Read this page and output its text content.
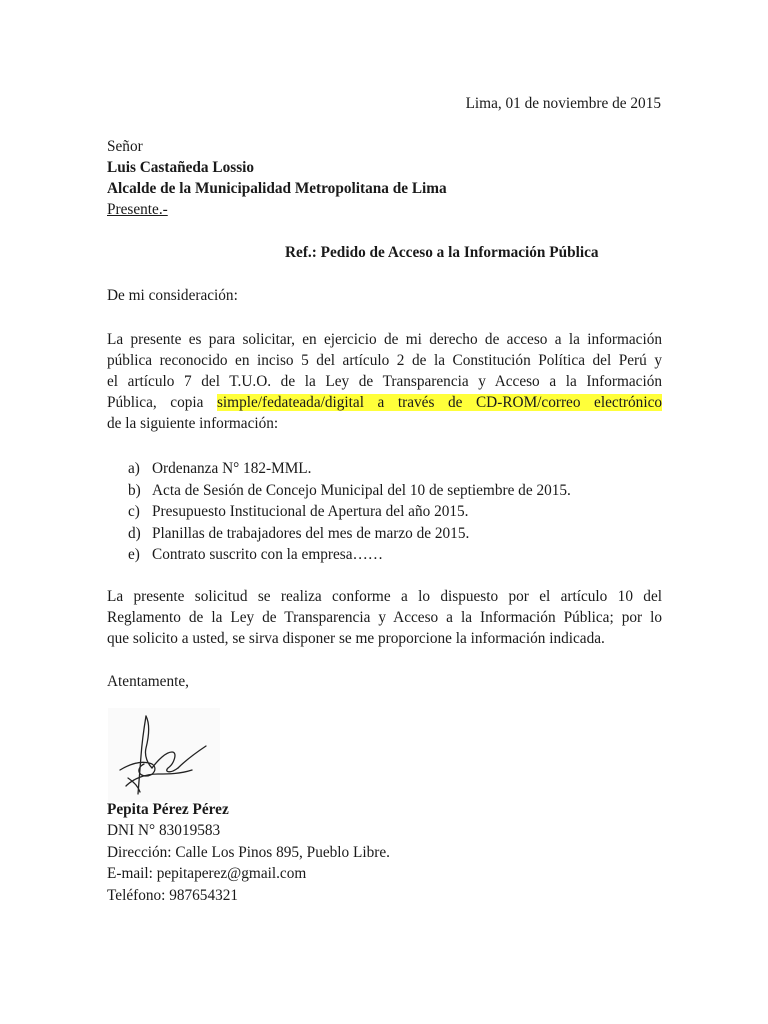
Lima, 01 de noviembre de 2015
Señor
Luis Castañeda Lossio
Alcalde de la Municipalidad Metropolitana de Lima
Presente.-
Ref.: Pedido de Acceso a la Información Pública
De mi consideración:
La presente es para solicitar, en ejercicio de mi derecho de acceso a la información
pública reconocido en inciso 5 del artículo 2 de la Constitución Política del Perú y
el artículo 7 del T.U.O. de la Ley de Transparencia y Acceso a la Información
Pública, copia simple/fedateada/digital a través de CD-ROM/correo electrónico
de la siguiente información:
a) Ordenanza N° 182-MML.
b) Acta de Sesión de Concejo Municipal del 10 de septiembre de 2015.
c) Presupuesto Institucional de Apertura del año 2015.
d) Planillas de trabajadores del mes de marzo de 2015.
e) Contrato suscrito con la empresa……
La presente solicitud se realiza conforme a lo dispuesto por el artículo 10 del
Reglamento de la Ley de Transparencia y Acceso a la Información Pública; por lo
que solicito a usted, se sirva disponer se me proporcione la información indicada.
Atentamente,
Pepita Pérez Pérez
DNI N° 83019583
Dirección: Calle Los Pinos 895, Pueblo Libre.
E-mail: pepitaperez@gmail.com
Teléfono: 987654321
